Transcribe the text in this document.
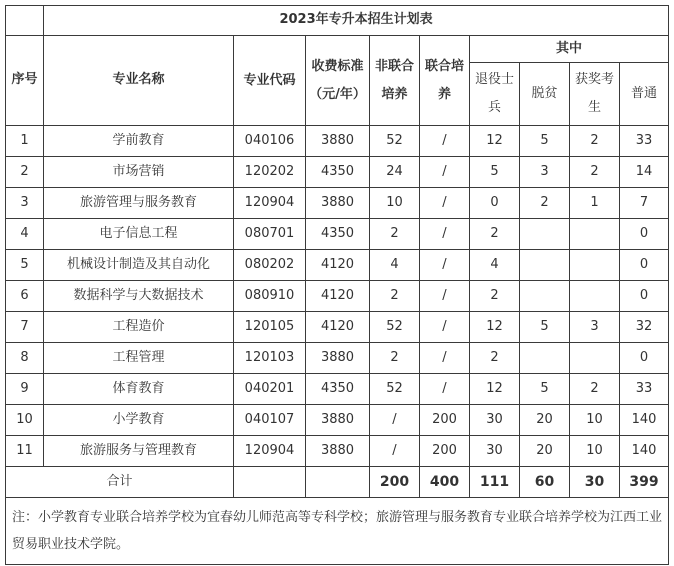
	2023年专升本招生计划表								
序号	专业名称	专业代码	收费标准（元/年）	非联合培养	联合培养	其中			
						退役士兵	脱贫	获奖考生	普通
1	学前教育	040106	3880	52	/	12	5	2	33
2	市场营销	120202	4350	24	/	5	3	2	14
3	旅游管理与服务教育	120904	3880	10	/	0	2	1	7
4	电子信息工程	080701	4350	2	/	2			0
5	机械设计制造及其自动化	080202	4120	4	/	4			0
6	数据科学与大数据技术	080910	4120	2	/	2			0
7	工程造价	120105	4120	52	/	12	5	3	32
8	工程管理	120103	3880	2	/	2			0
9	体育教育	040201	4350	52	/	12	5	2	33
10	小学教育	040107	3880	/	200	30	20	10	140
11	旅游服务与管理教育	120904	3880	/	200	30	20	10	140
合计				200	400	111	60	30	399
注：小学教育专业联合培养学校为宜春幼儿师范高等专科学校；旅游管理与服务教育专业联合培养学校为江西工业贸易职业技术学院。									
